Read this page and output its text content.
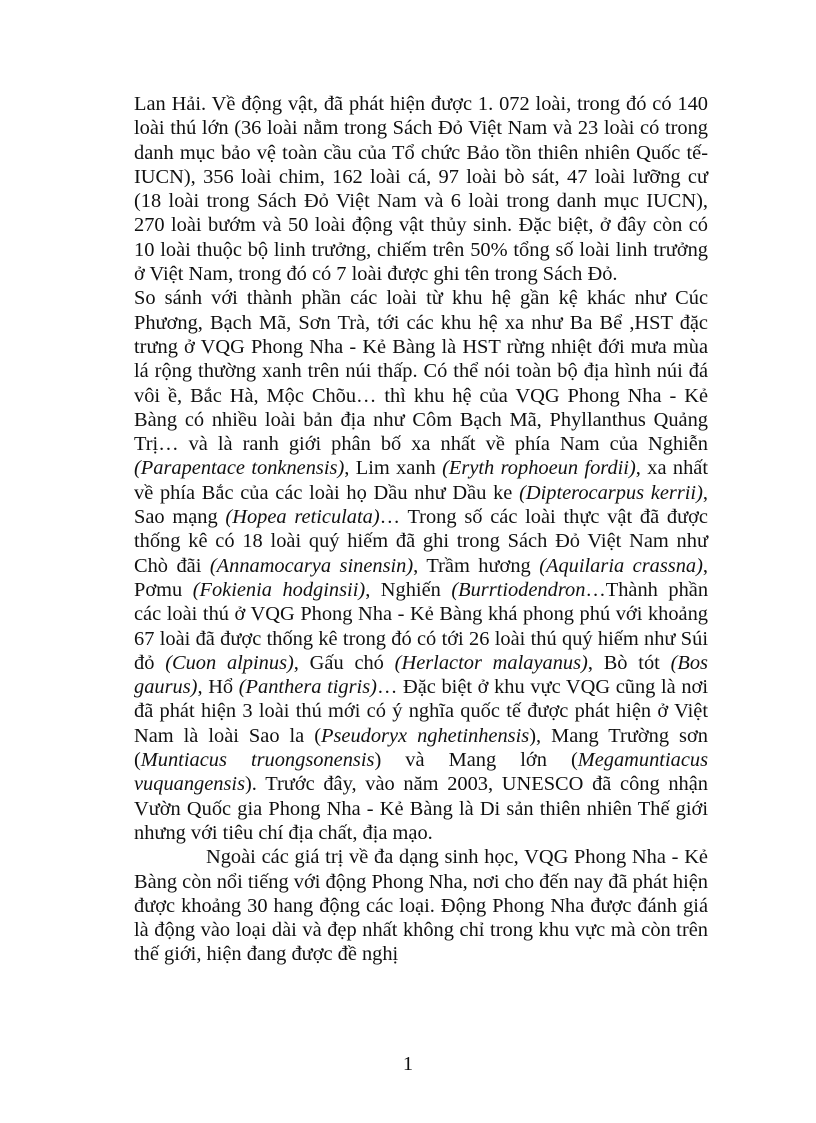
Lan Hải. Về động vật, đã phát hiện được 1. 072 loài, trong đó có 140 loài thú lớn (36 loài nằm trong Sách Đỏ Việt Nam và 23 loài có trong danh mục bảo vệ toàn cầu của Tổ chức Bảo tồn thiên nhiên Quốc tế-IUCN), 356 loài chim, 162 loài cá, 97 loài bò sát, 47 loài lưỡng cư (18 loài trong Sách Đỏ Việt Nam và 6 loài trong danh mục IUCN), 270 loài bướm và 50 loài động vật thủy sinh. Đặc biệt, ở đây còn có 10 loài thuộc bộ linh trưởng, chiếm trên 50% tổng số loài linh trưởng ở Việt Nam, trong đó có 7 loài được ghi tên trong Sách Đỏ.

So sánh với thành phần các loài từ khu hệ gần kệ khác như Cúc Phương, Bạch Mã, Sơn Trà, tới các khu hệ xa như Ba Bể ,HST đặc trưng ở VQG Phong Nha - Kẻ Bàng là HST rừng nhiệt đới mưa mùa lá rộng thường xanh trên núi thấp. Có thể nói toàn bộ địa hình núi đá vôi ề, Bắc Hà, Mộc Chõu… thì khu hệ của VQG Phong Nha - Kẻ Bàng có nhiều loài bản địa như Côm Bạch Mã, Phyllanthus Quảng Trị… và là ranh giới phân bố xa nhất về phía Nam của Nghiễn (Parapentace tonknensis), Lim xanh (Eryth rophoeun fordii), xa nhất về phía Bắc của các loài họ Dầu như Dầu ke (Dipterocarpus kerrii), Sao mạng (Hopea reticulata)… Trong số các loài thực vật đã được thống kê có 18 loài quý hiếm đã ghi trong Sách Đỏ Việt Nam như Chò đãi (Annamocarya sinensin), Trầm hương (Aquilaria crassna), Pơmu (Fokienia hodginsii), Nghiến (Burrtiodendron…Thành phần các loài thú ở VQG Phong Nha - Kẻ Bàng khá phong phú với khoảng 67 loài đã được thống kê trong đó có tới 26 loài thú quý hiếm như Súi đỏ (Cuon alpinus), Gấu chó (Herlactor malayanus), Bò tót (Bos gaurus), Hổ (Panthera tigris)… Đặc biệt ở khu vực VQG cũng là nơi đã phát hiện 3 loài thú mới có ý nghĩa quốc tế được phát hiện ở Việt Nam là loài Sao la (Pseudoryx nghetinhensis), Mang Trường sơn (Muntiacus truongsonensis) và Mang lớn (Megamuntiacus vuquangensis). Trước đây, vào năm 2003, UNESCO đã công nhận Vườn Quốc gia Phong Nha - Kẻ Bàng là Di sản thiên nhiên Thế giới nhưng với tiêu chí địa chất, địa mạo.

Ngoài các giá trị về đa dạng sinh học, VQG Phong Nha - Kẻ Bàng còn nổi tiếng với động Phong Nha, nơi cho đến nay đã phát hiện được khoảng 30 hang động các loại. Động Phong Nha được đánh giá là động vào loại dài và đẹp nhất không chỉ trong khu vực mà còn trên thế giới, hiện đang được đề nghị

1
